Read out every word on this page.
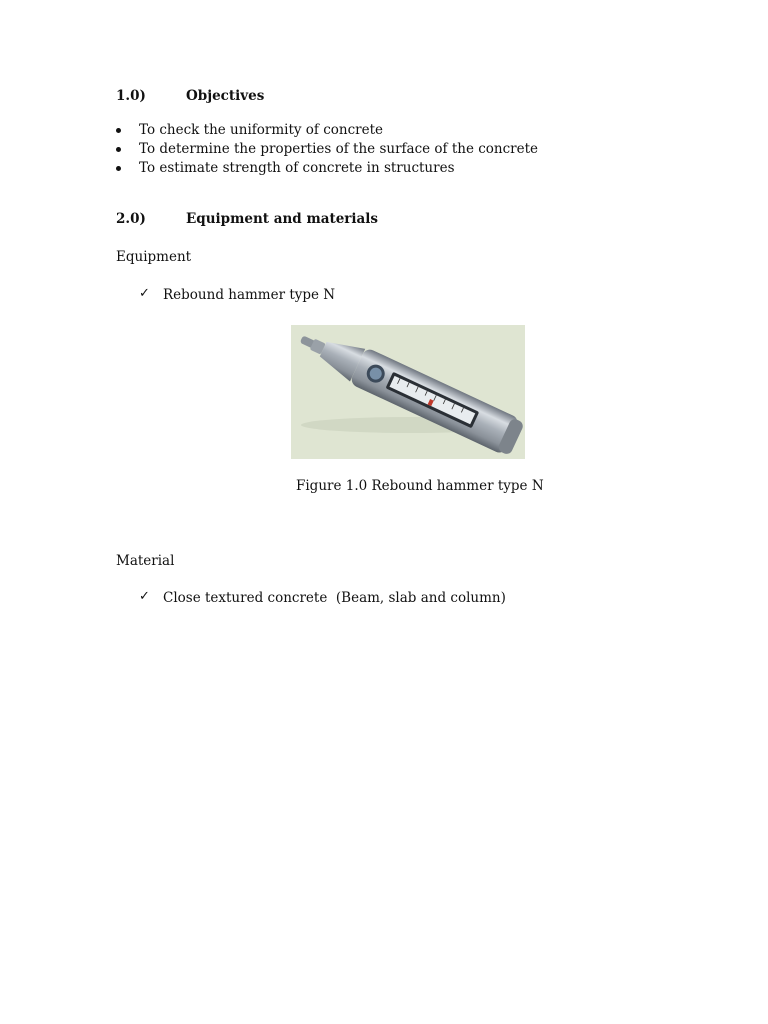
1.0)	Objectives
To check the uniformity of concrete
To determine the properties of the surface of the concrete
To estimate strength of concrete in structures
2.0)	Equipment and materials
Equipment
✓ Rebound hammer type N
Figure 1.0 Rebound hammer type N
Material
✓ Close textured concrete  (Beam, slab and column)
